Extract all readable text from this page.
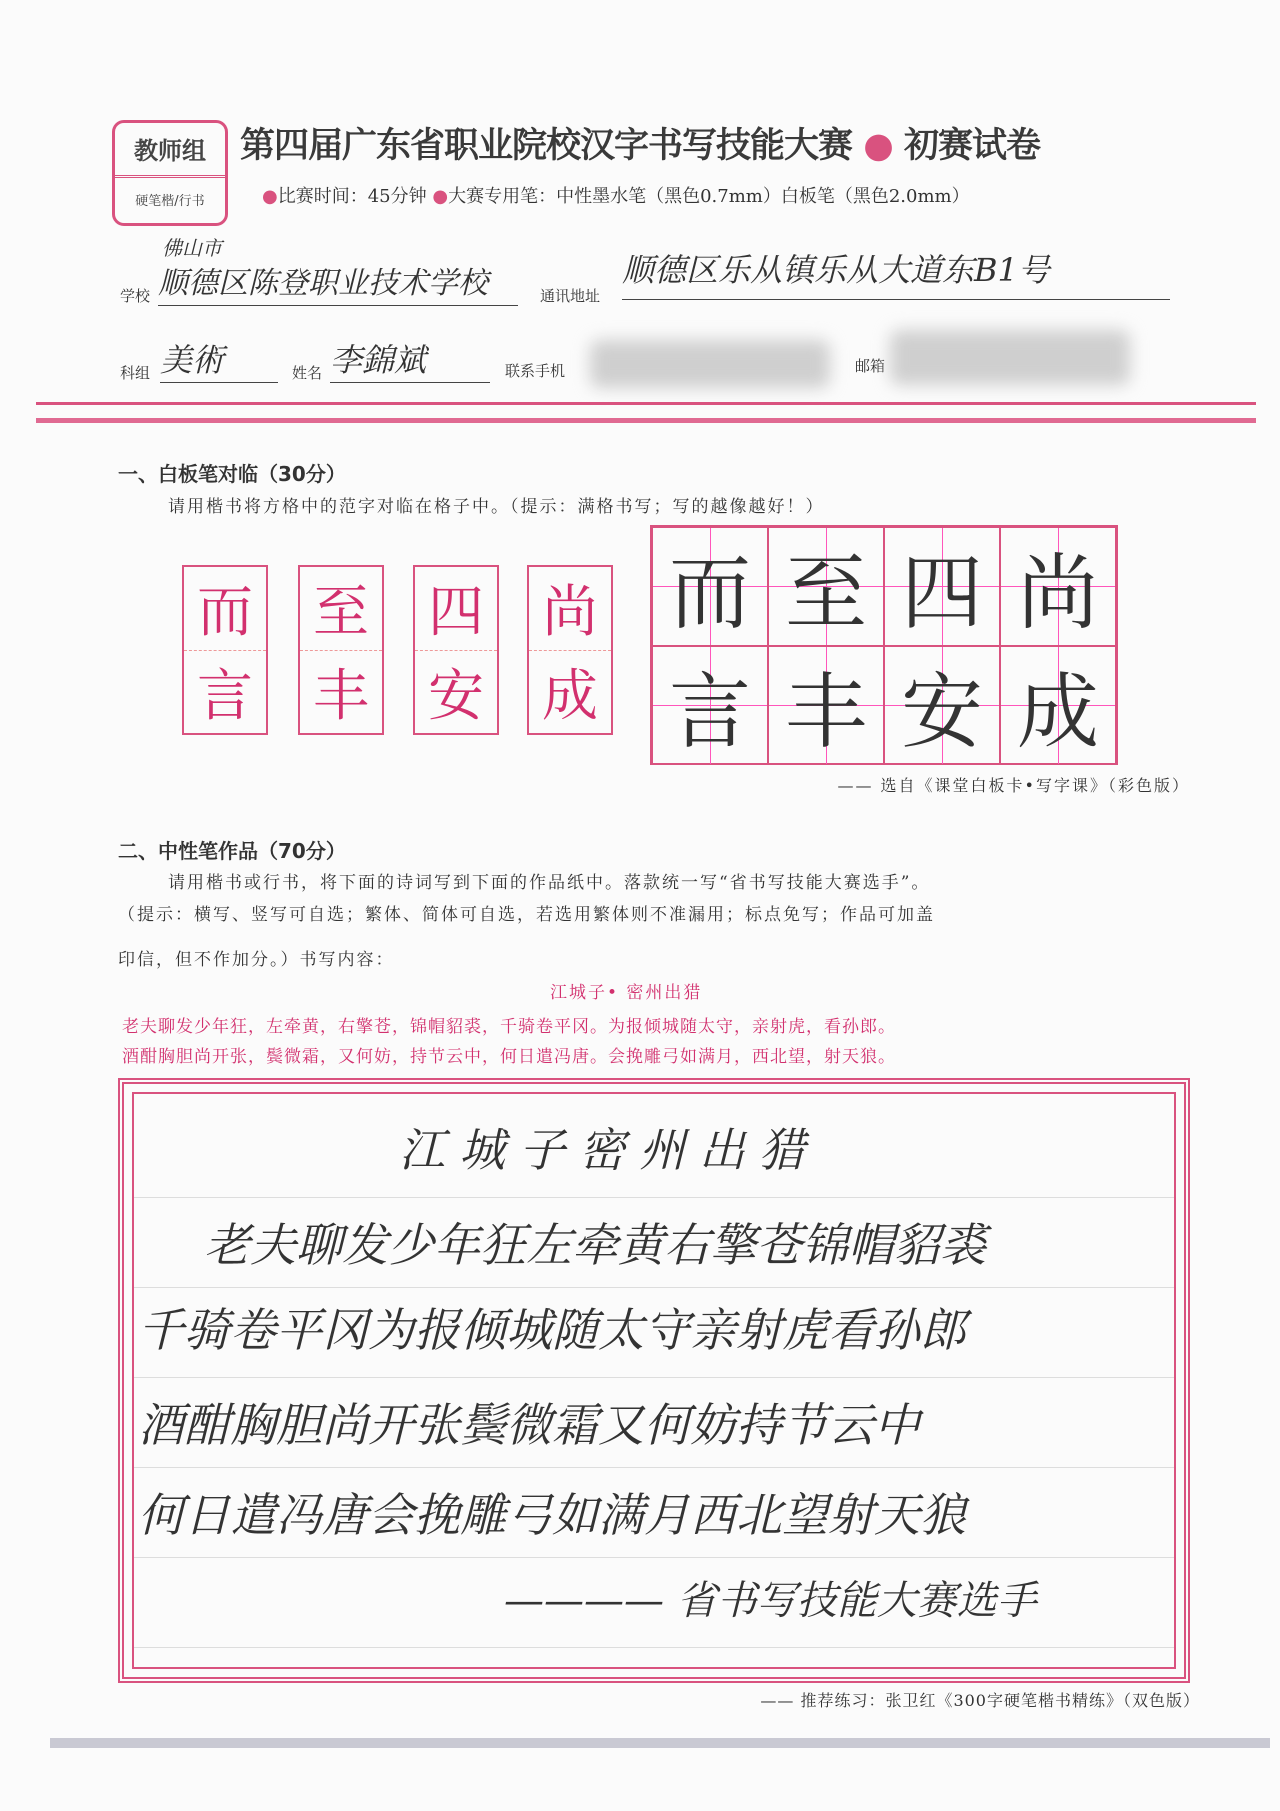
教师组
硬笔楷/行书
第四届广东省职业院校汉字书写技能大赛 ● 初赛试卷
●比赛时间：45分钟 ●大赛专用笔：中性墨水笔（黑色0.7mm）白板笔（黑色2.0mm）
学校
佛山市
顺德区陈登职业技术学校	通讯地址
顺德区乐从镇乐从大道东B1号
科组 美術	姓名 李錦斌	联系手机	邮箱
一、白板笔对临（30分）
请用楷书将方格中的范字对临在格子中。（提示：满格书写；写的越像越好！）
而
言
至
丰
四
安
尚
成
而 至 四 尚
言 丰 安 成
—— 选自《课堂白板卡•写字课》（彩色版）
二、中性笔作品（70分）
请用楷书或行书，将下面的诗词写到下面的作品纸中。落款统一写“省书写技能大赛选手”。
（提示：横写、竖写可自选；繁体、简体可自选，若选用繁体则不准漏用；标点免写；作品可加盖
印信，但不作加分。）书写内容：
江城子• 密州出猎
老夫聊发少年狂，左牵黄，右擎苍，锦帽貂裘，千骑卷平冈。为报倾城随太守，亲射虎，看孙郎。
酒酣胸胆尚开张，鬓微霜，又何妨，持节云中，何日遣冯唐。会挽雕弓如满月，西北望，射天狼。
江城子密州出猎
老夫聊发少年狂左牵黄右擎苍锦帽貂裘
千骑卷平冈为报倾城随太守亲射虎看孙郎
酒酣胸胆尚开张鬓微霜又何妨持节云中
何日遣冯唐会挽雕弓如满月西北望射天狼
———— 省书写技能大赛选手
—— 推荐练习：张卫红《300字硬笔楷书精练》（双色版）
